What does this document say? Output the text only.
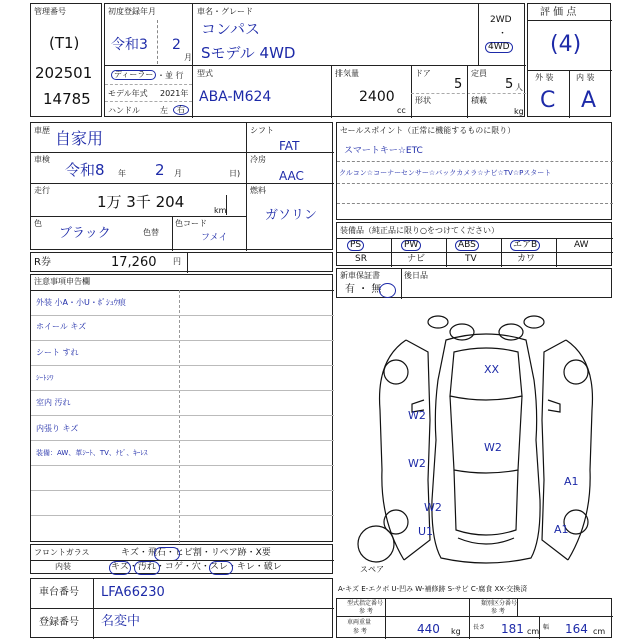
管理番号
(T1)
202501
14785
初度登録年月
令和3 2
月
車名・グレード
コンパス
Sモデル 4WD
2WD
・
4WD
ディーラー ・並 行
モデル年式 2021年
ハンドル	左	右
型式
ABA-M624
排気量
2400
cc
ドア
5
形状
定員
5 人
積載
kg
評 価 点
(4)
外 装	内 装
C A
車歴 自家用
車検
令和8 年 2 月	日)
走行
1万 3千 204	km
色
ブラック	色替
色コード
フメイ
シフト
FAT
冷房
AAC
燃料
ガソリン
R券	17,260 円
セールスポイント（正常に機能するものに限り）
スマートキー☆ETC
クルコン☆コーナーセンサー☆バックカメラ☆ナビ☆TV☆Pスタート
装備品（純正品に限り○をつけてください）
PS	PW	ABS	エアB	AW
SR	ナビ	TV	カワ
新車保証書
有 ・ 無
後日品
注意事項申告欄
外装 小A・小U・ﾎﾞｼｭｳ痕
ホイール キズ
シート すれ
ｼｰﾄｼﾜ
室内 汚れ
内張り キズ
装備：AW、革ｼｰﾄ、TV、ﾅﾋﾞ、ｷｰﾚｽ
XX
W2
W2
W2
W2
A1
U1	A1
スペア
フロントガラス	キズ・飛石・ヒビ割・リペア跡・X要
内装	キズ・汚れ・コゲ・穴・スレ・キレ・破レ
車台番号 LFA66230
登録番号 名変中
A-キズ E-エクボ U-凹み W-補修跡 S-サビ C-腐食 XX-交換済
型式指定番号
参 考
類別区分番号
参 考
車両重量
参 考	440 kg 長さ 181 cm 幅 164 cm
